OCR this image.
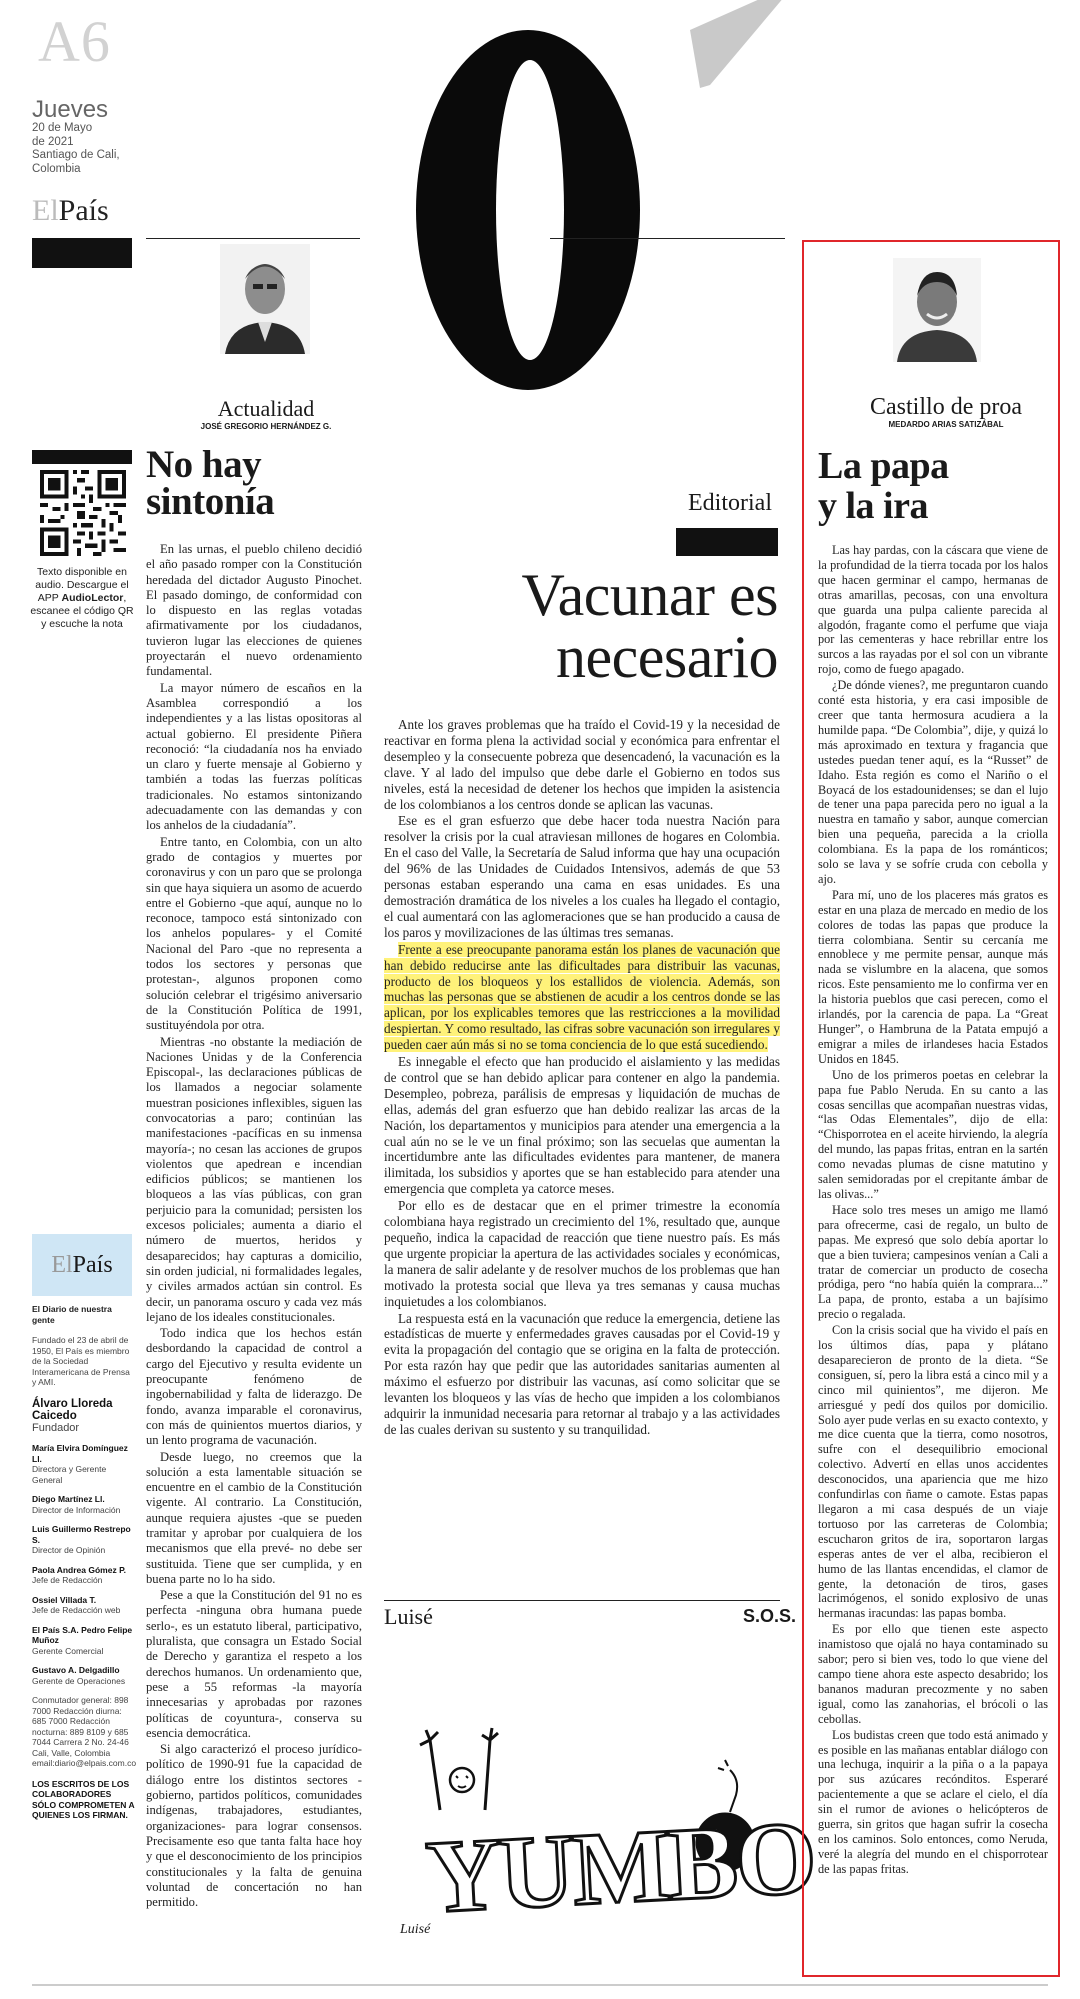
A6
Jueves
20 de Mayo
de 2021
Santiago de Cali,
Colombia
ElPaís
Actualidad
JOSÉ GREGORIO HERNÁNDEZ G.
Texto disponible en audio. Descargue el APP AudioLector, escanee el código QR y escuche la nota
No hay
sintonía

En las urnas, el pueblo chileno decidió el año pasado romper con la Constitución heredada del dictador Augusto Pinochet. El pasado domingo, de conformidad con lo dispuesto en las reglas votadas afirmativamente por los ciudadanos, tuvieron lugar las elecciones de quienes proyectarán el nuevo ordenamiento fundamental.

La mayor número de escaños en la Asamblea correspondió a los independientes y a las listas opositoras al actual gobierno. El presidente Piñera reconoció: “la ciudadanía nos ha enviado un claro y fuerte mensaje al Gobierno y también a todas las fuerzas políticas tradicionales. No estamos sintonizando adecuadamente con las demandas y con los anhelos de la ciudadanía”.

Entre tanto, en Colombia, con un alto grado de contagios y muertes por coronavirus y con un paro que se prolonga sin que haya siquiera un asomo de acuerdo entre el Gobierno -que aquí, aunque no lo reconoce, tampoco está sintonizado con los anhelos populares- y el Comité Nacional del Paro -que no representa a todos los sectores y personas que protestan-, algunos proponen como solución celebrar el trigésimo aniversario de la Constitución Política de 1991, sustituyéndola por otra.

Mientras -no obstante la mediación de Naciones Unidas y de la Conferencia Episcopal-, las declaraciones públicas de los llamados a negociar solamente muestran posiciones inflexibles, siguen las convocatorias a paro; continúan las manifestaciones -pacíficas en su inmensa mayoría-; no cesan las acciones de grupos violentos que apedrean e incendian edificios públicos; se mantienen los bloqueos a las vías públicas, con gran perjuicio para la comunidad; persisten los excesos policiales; aumenta a diario el número de muertos, heridos y desaparecidos; hay capturas a domicilio, sin orden judicial, ni formalidades legales, y civiles armados actúan sin control. Es decir, un panorama oscuro y cada vez más lejano de los ideales constitucionales.

Todo indica que los hechos están desbordando la capacidad de control a cargo del Ejecutivo y resulta evidente un preocupante fenómeno de ingobernabilidad y falta de liderazgo. De fondo, avanza imparable el coronavirus, con más de quinientos muertos diarios, y un lento programa de vacunación.

Desde luego, no creemos que la solución a esta lamentable situación se encuentre en el cambio de la Constitución vigente. Al contrario. La Constitución, aunque requiera ajustes -que se pueden tramitar y aprobar por cualquiera de los mecanismos que ella prevé- no debe ser sustituida. Tiene que ser cumplida, y en buena parte no lo ha sido.

Pese a que la Constitución del 91 no es perfecta -ninguna obra humana puede serlo-, es un estatuto liberal, participativo, pluralista, que consagra un Estado Social de Derecho y garantiza el respeto a los derechos humanos. Un ordenamiento que, pese a 55 reformas -la mayoría innecesarias y aprobadas por razones políticas de coyuntura-, conserva su esencia democrática.

Si algo caracterizó el proceso jurídico-político de 1990-91 fue la capacidad de diálogo entre los distintos sectores -gobierno, partidos políticos, comunidades indígenas, trabajadores, estudiantes, organizaciones- para lograr consensos. Precisamente eso que tanta falta hace hoy y que el desconocimiento de los principios constitucionales y la falta de genuina voluntad de concertación no han permitido.

ElPaís
El Diario de nuestra gente
Fundado el 23 de abril de 1950, El País es miembro de la Sociedad Interamericana de Prensa y AMI.
Álvaro Lloreda Caicedo
Fundador
María Elvira Domínguez Ll.
Directora y Gerente General
Diego Martínez Ll.
Director de Información
Luis Guillermo Restrepo S.
Director de Opinión
Paola Andrea Gómez P.
Jefe de Redacción
Ossiel Villada T.
Jefe de Redacción web
El País S.A. Pedro Felipe Muñoz
Gerente Comercial
Gustavo A. Delgadillo
Gerente de Operaciones
Conmutador general: 898 7000 Redacción diurna: 685 7000 Redacción nocturna: 889 8109 y 685 7044 Carrera 2 No. 24-46 Cali, Valle, Colombia email:diario@elpais.com.co
LOS ESCRITOS DE LOS COLABORADORES SÓLO COMPROMETEN A QUIENES LOS FIRMAN.
Editorial
Vacunar es
necesario

Ante los graves problemas que ha traído el Covid-19 y la necesidad de reactivar en forma plena la actividad social y económica para enfrentar el desempleo y la consecuente pobreza que desencadenó, la vacunación es la clave. Y al lado del impulso que debe darle el Gobierno en todos sus niveles, está la necesidad de detener los hechos que impiden la asistencia de los colombianos a los centros donde se aplican las vacunas.

Ese es el gran esfuerzo que debe hacer toda nuestra Nación para resolver la crisis por la cual atraviesan millones de hogares en Colombia. En el caso del Valle, la Secretaría de Salud informa que hay una ocupación del 96% de las Unidades de Cuidados Intensivos, además de que 53 personas estaban esperando una cama en esas unidades. Es una demostración dramática de los niveles a los cuales ha llegado el contagio, el cual aumentará con las aglomeraciones que se han producido a causa de los paros y movilizaciones de las últimas tres semanas.

Frente a ese preocupante panorama están los planes de vacunación que han debido reducirse ante las dificultades para distribuir las vacunas, producto de los bloqueos y los estallidos de violencia. Además, son muchas las personas que se abstienen de acudir a los centros donde se las aplican, por los explicables temores que las restricciones a la movilidad despiertan. Y como resultado, las cifras sobre vacunación son irregulares y pueden caer aún más si no se toma conciencia de lo que está sucediendo.

Es innegable el efecto que han producido el aislamiento y las medidas de control que se han debido aplicar para contener en algo la pandemia. Desempleo, pobreza, parálisis de empresas y liquidación de muchas de ellas, además del gran esfuerzo que han debido realizar las arcas de la Nación, los departamentos y municipios para atender una emergencia a la cual aún no se le ve un final próximo; son las secuelas que aumentan la incertidumbre ante las dificultades evidentes para mantener, de manera ilimitada, los subsidios y aportes que se han establecido para atender una emergencia que completa ya catorce meses.

Por ello es de destacar que en el primer trimestre la economía colombiana haya registrado un crecimiento del 1%, resultado que, aunque pequeño, indica la capacidad de reacción que tiene nuestro país. Es más que urgente propiciar la apertura de las actividades sociales y económicas, la manera de salir adelante y de resolver muchos de los problemas que han motivado la protesta social que lleva ya tres semanas y causa muchas inquietudes a los colombianos.

La respuesta está en la vacunación que reduce la emergencia, detiene las estadísticas de muerte y enfermedades graves causadas por el Covid-19 y evita la propagación del contagio que se origina en la falta de protección. Por esta razón hay que pedir que las autoridades sanitarias aumenten al máximo el esfuerzo por distribuir las vacunas, así como solicitar que se levanten los bloqueos y las vías de hecho que impiden a los colombianos adquirir la inmunidad necesaria para retornar al trabajo y a las actividades de las cuales derivan su sustento y su tranquilidad.

Luisé	S.O.S.
YUMBO
Luisé
Castillo de proa
MEDARDO ARIAS SATIZÁBAL
La papa
y la ira

Las hay pardas, con la cáscara que viene de la profundidad de la tierra tocada por los halos que hacen germinar el campo, hermanas de otras amarillas, pecosas, con una envoltura que guarda una pulpa caliente parecida al algodón, fragante como el perfume que viaja por las cementeras y hace rebrillar entre los surcos a las rayadas por el sol con un vibrante rojo, como de fuego apagado.

¿De dónde vienes?, me preguntaron cuando conté esta historia, y era casi imposible de creer que tanta hermosura acudiera a la humilde papa. “De Colombia”, dije, y quizá lo más aproximado en textura y fragancia que ustedes puedan tener aquí, es la “Russet” de Idaho. Esta región es como el Nariño o el Boyacá de los estadounidenses; se dan el lujo de tener una papa parecida pero no igual a la nuestra en tamaño y sabor, aunque comercian bien una pequeña, parecida a la criolla colombiana. Es la papa de los románticos; solo se lava y se sofríe cruda con cebolla y ajo.

Para mí, uno de los placeres más gratos es estar en una plaza de mercado en medio de los colores de todas las papas que produce la tierra colombiana. Sentir su cercanía me ennoblece y me permite pensar, aunque más nada se vislumbre en la alacena, que somos ricos. Este pensamiento me lo confirma ver en la historia pueblos que casi perecen, como el irlandés, por la carencia de papa. La “Great Hunger”, o Hambruna de la Patata empujó a emigrar a miles de irlandeses hacia Estados Unidos en 1845.

Uno de los primeros poetas en celebrar la papa fue Pablo Neruda. En su canto a las cosas sencillas que acompañan nuestras vidas, “las Odas Elementales”, dijo de ella: “Chisporrotea en el aceite hirviendo, la alegría del mundo, las papas fritas, entran en la sartén como nevadas plumas de cisne matutino y salen semidoradas por el crepitante ámbar de las olivas...”

Hace solo tres meses un amigo me llamó para ofrecerme, casi de regalo, un bulto de papas. Me expresó que solo debía aportar lo que a bien tuviera; campesinos venían a Cali a tratar de comerciar un producto de cosecha pródiga, pero “no había quién la comprara...” La papa, de pronto, estaba a un bajísimo precio o regalada.

Con la crisis social que ha vivido el país en los últimos días, papa y plátano desaparecieron de pronto de la dieta. “Se consiguen, sí, pero la libra está a cinco mil y a cinco mil quinientos”, me dijeron. Me arriesgué y pedí dos quilos por domicilio. Solo ayer pude verlas en su exacto contexto, y me dice cuenta que la tierra, como nosotros, sufre con el desequilibrio emocional colectivo. Advertí en ellas unos accidentes desconocidos, una apariencia que me hizo confundirlas con ñame o camote. Estas papas llegaron a mi casa después de un viaje tortuoso por las carreteras de Colombia; escucharon gritos de ira, soportaron largas esperas antes de ver el alba, recibieron el humo de las llantas encendidas, el clamor de gente, la detonación de tiros, gases lacrimógenos, el sonido explosivo de unas hermanas iracundas: las papas bomba.

Es por ello que tienen este aspecto inamistoso que ojalá no haya contaminado su sabor; pero si bien ves, todo lo que viene del campo tiene ahora este aspecto desabrido; los bananos maduran precozmente y no saben igual, como las zanahorias, el brócoli o las cebollas.

Los budistas creen que todo está animado y es posible en las mañanas entablar diálogo con una lechuga, inquirir a la piña o a la papaya por sus azúcares recónditos. Esperaré pacientemente a que se aclare el cielo, el día sin el rumor de aviones o helicópteros de guerra, sin gritos que hagan sufrir la cosecha en los caminos. Solo entonces, como Neruda, veré la alegría del mundo en el chisporrotear de las papas fritas.
